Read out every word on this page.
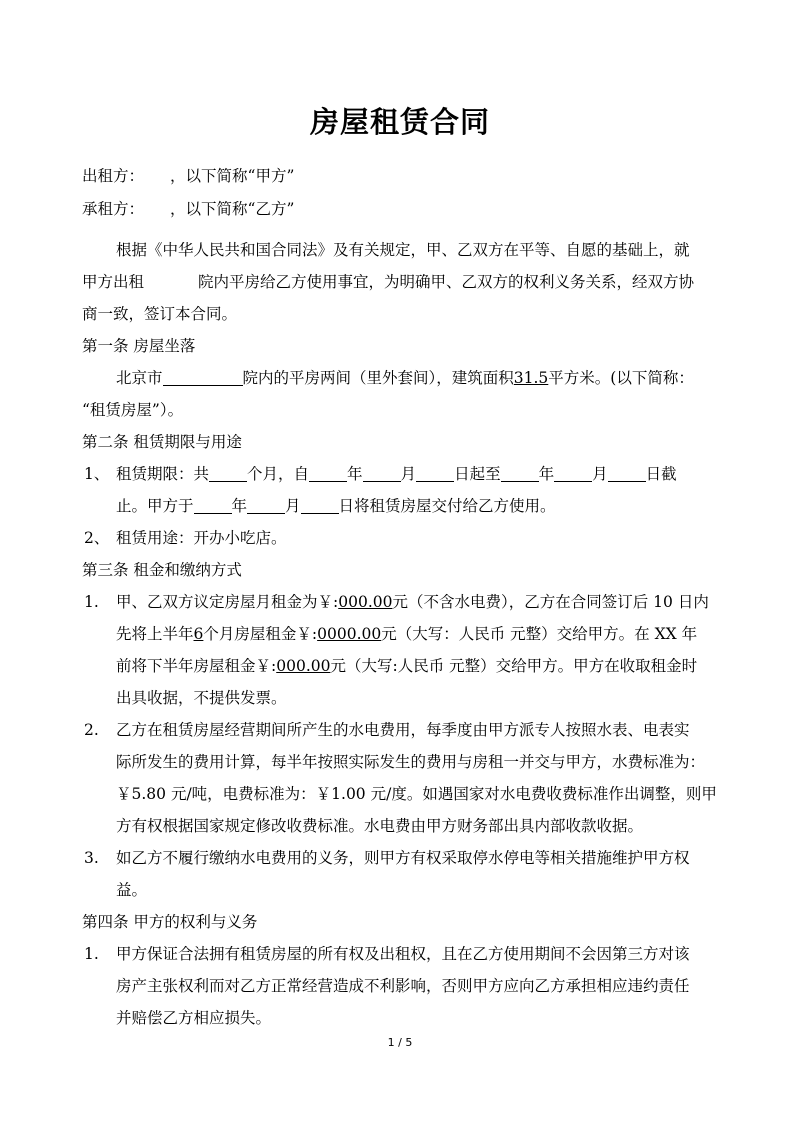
房屋租赁合同
出租方： ，以下简称“甲方”
承租方： ，以下简称“乙方”
根据《中华人民共和国合同法》及有关规定，甲、乙双方在平等、自愿的基础上，就
甲方出租	院内平房给乙方使用事宜，为明确甲、乙双方的权利义务关系，经双方协
商一致，签订本合同。
第一条 房屋坐落
北京市	院内的平房两间（里外套间），建筑面积31.5平方米。(以下简称：
“租赁房屋”）。
第二条 租赁期限与用途
1、 租赁期限：共 个月，自 年 月 日起至 年 月 日截
止。甲方于 年 月 日将租赁房屋交付给乙方使用。
2、 租赁用途：开办小吃店。
第三条 租金和缴纳方式
1. 甲、乙双方议定房屋月租金为￥:000.00元（不含水电费），乙方在合同签订后 10 日内
先将上半年6个月房屋租金￥:0000.00元（大写：人民币 元整）交给甲方。在 XX 年
前将下半年房屋租金￥:000.00元（大写:人民币 元整）交给甲方。甲方在收取租金时
出具收据，不提供发票。
2. 乙方在租赁房屋经营期间所产生的水电费用，每季度由甲方派专人按照水表、电表实
际所发生的费用计算，每半年按照实际发生的费用与房租一并交与甲方，水费标准为：
￥5.80 元/吨，电费标准为：￥1.00 元/度。如遇国家对水电费收费标准作出调整，则甲
方有权根据国家规定修改收费标准。水电费由甲方财务部出具内部收款收据。
3. 如乙方不履行缴纳水电费用的义务，则甲方有权采取停水停电等相关措施维护甲方权
益。
第四条 甲方的权利与义务
1. 甲方保证合法拥有租赁房屋的所有权及出租权，且在乙方使用期间不会因第三方对该
房产主张权利而对乙方正常经营造成不利影响，否则甲方应向乙方承担相应违约责任
并赔偿乙方相应损失。
1 / 5
